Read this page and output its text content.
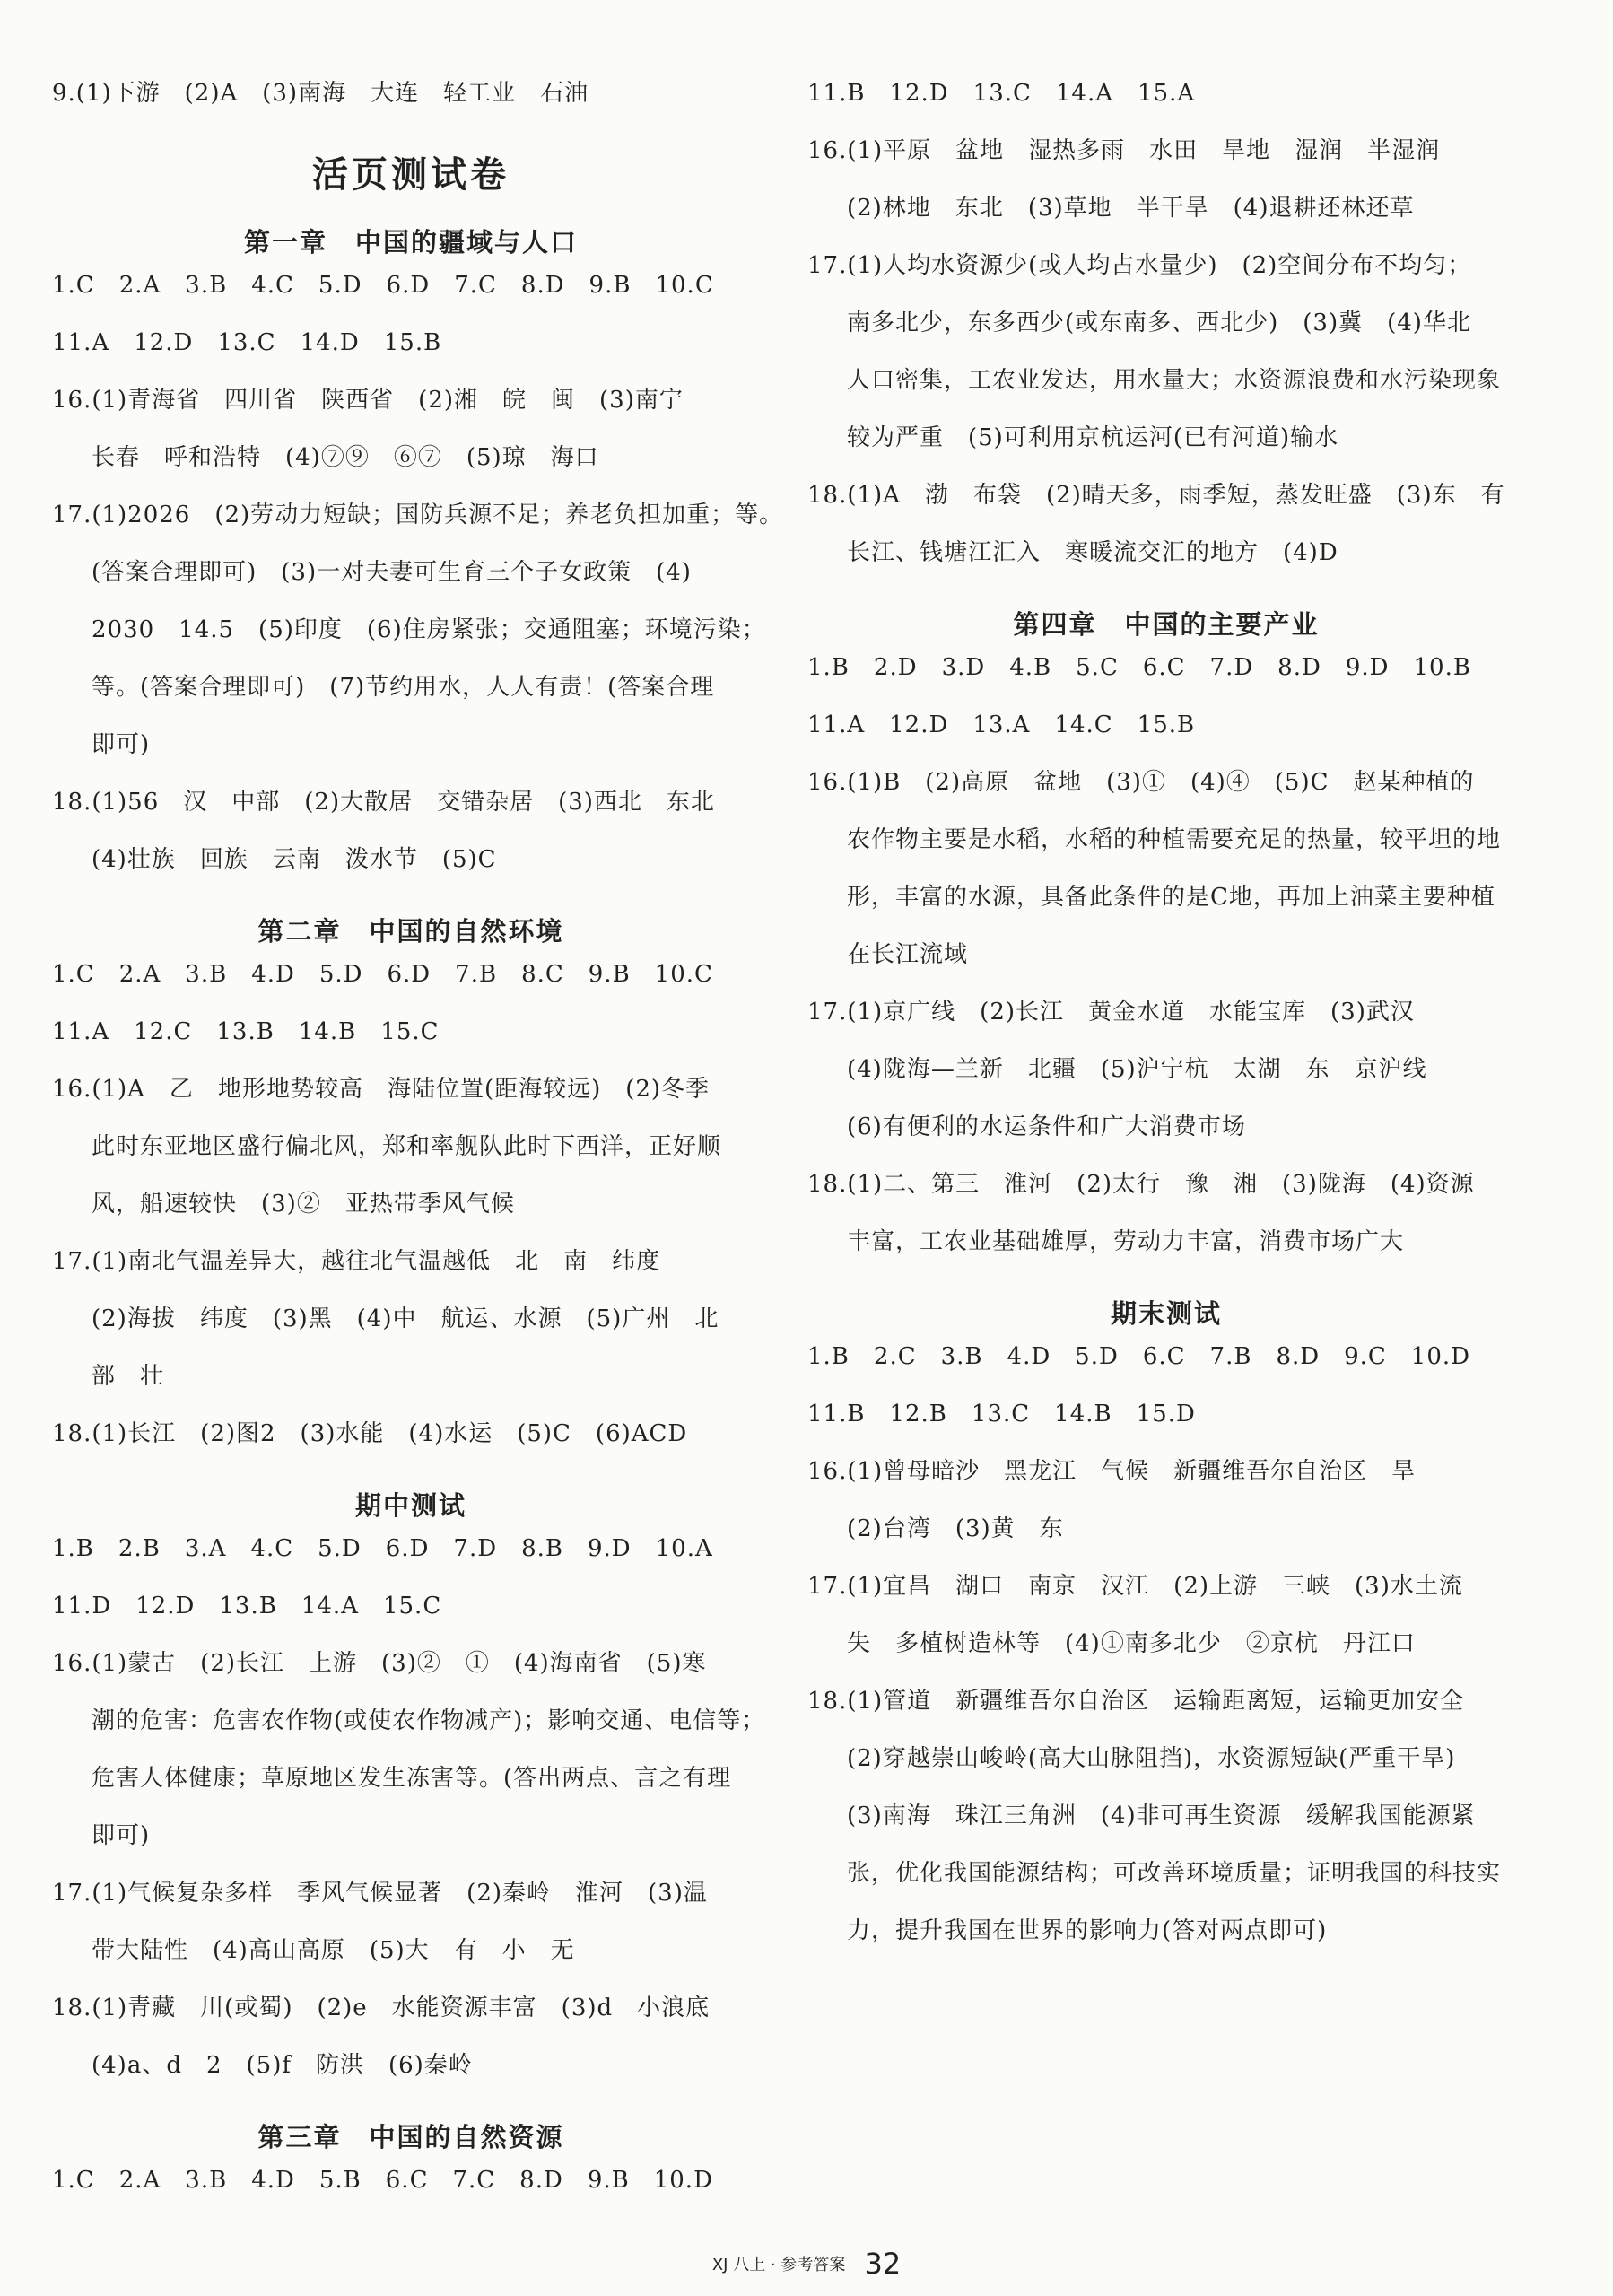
9.(1)下游　(2)A　(3)南海　大连　轻工业　石油
活页测试卷
第一章　中国的疆域与人口
1.C　2.A　3.B　4.C　5.D　6.D　7.C　8.D　9.B　10.C
11.A　12.D　13.C　14.D　15.B
16.(1)青海省　四川省　陕西省　(2)湘　皖　闽　(3)南宁
长春　呼和浩特　(4)⑦⑨　⑥⑦　(5)琼　海口
17.(1)2026　(2)劳动力短缺；国防兵源不足；养老负担加重；等。
(答案合理即可)　(3)一对夫妻可生育三个子女政策　(4)
2030　14.5　(5)印度　(6)住房紧张；交通阻塞；环境污染；
等。(答案合理即可)　(7)节约用水，人人有责！(答案合理
即可)
18.(1)56　汉　中部　(2)大散居　交错杂居　(3)西北　东北
(4)壮族　回族　云南　泼水节　(5)C
第二章　中国的自然环境
1.C　2.A　3.B　4.D　5.D　6.D　7.B　8.C　9.B　10.C
11.A　12.C　13.B　14.B　15.C
16.(1)A　乙　地形地势较高　海陆位置(距海较远)　(2)冬季
此时东亚地区盛行偏北风，郑和率舰队此时下西洋，正好顺
风，船速较快　(3)②　亚热带季风气候
17.(1)南北气温差异大，越往北气温越低　北　南　纬度
(2)海拔　纬度　(3)黑　(4)中　航运、水源　(5)广州　北
部　壮
18.(1)长江　(2)图2　(3)水能　(4)水运　(5)C　(6)ACD
期中测试
1.B　2.B　3.A　4.C　5.D　6.D　7.D　8.B　9.D　10.A
11.D　12.D　13.B　14.A　15.C
16.(1)蒙古　(2)长江　上游　(3)②　①　(4)海南省　(5)寒
潮的危害：危害农作物(或使农作物减产)；影响交通、电信等；
危害人体健康；草原地区发生冻害等。(答出两点、言之有理
即可)
17.(1)气候复杂多样　季风气候显著　(2)秦岭　淮河　(3)温
带大陆性　(4)高山高原　(5)大　有　小　无
18.(1)青藏　川(或蜀)　(2)e　水能资源丰富　(3)d　小浪底
(4)a、d　2　(5)f　防洪　(6)秦岭
第三章　中国的自然资源
1.C　2.A　3.B　4.D　5.B　6.C　7.C　8.D　9.B　10.D
11.B　12.D　13.C　14.A　15.A
16.(1)平原　盆地　湿热多雨　水田　旱地　湿润　半湿润
(2)林地　东北　(3)草地　半干旱　(4)退耕还林还草
17.(1)人均水资源少(或人均占水量少)　(2)空间分布不均匀；
南多北少，东多西少(或东南多、西北少)　(3)冀　(4)华北
人口密集，工农业发达，用水量大；水资源浪费和水污染现象
较为严重　(5)可利用京杭运河(已有河道)输水
18.(1)A　渤　布袋　(2)晴天多，雨季短，蒸发旺盛　(3)东　有
长江、钱塘江汇入　寒暖流交汇的地方　(4)D
第四章　中国的主要产业
1.B　2.D　3.D　4.B　5.C　6.C　7.D　8.D　9.D　10.B
11.A　12.D　13.A　14.C　15.B
16.(1)B　(2)高原　盆地　(3)①　(4)④　(5)C　赵某种植的
农作物主要是水稻，水稻的种植需要充足的热量，较平坦的地
形，丰富的水源，具备此条件的是C地，再加上油菜主要种植
在长江流域
17.(1)京广线　(2)长江　黄金水道　水能宝库　(3)武汉
(4)陇海—兰新　北疆　(5)沪宁杭　太湖　东　京沪线
(6)有便利的水运条件和广大消费市场
18.(1)二、第三　淮河　(2)太行　豫　湘　(3)陇海　(4)资源
丰富，工农业基础雄厚，劳动力丰富，消费市场广大
期末测试
1.B　2.C　3.B　4.D　5.D　6.C　7.B　8.D　9.C　10.D
11.B　12.B　13.C　14.B　15.D
16.(1)曾母暗沙　黑龙江　气候　新疆维吾尔自治区　旱
(2)台湾　(3)黄　东
17.(1)宜昌　湖口　南京　汉江　(2)上游　三峡　(3)水土流
失　多植树造林等　(4)①南多北少　②京杭　丹江口
18.(1)管道　新疆维吾尔自治区　运输距离短，运输更加安全
(2)穿越崇山峻岭(高大山脉阻挡)，水资源短缺(严重干旱)
(3)南海　珠江三角洲　(4)非可再生资源　缓解我国能源紧
张，优化我国能源结构；可改善环境质量；证明我国的科技实
力，提升我国在世界的影响力(答对两点即可)
XJ 八上 · 参考答案 32
